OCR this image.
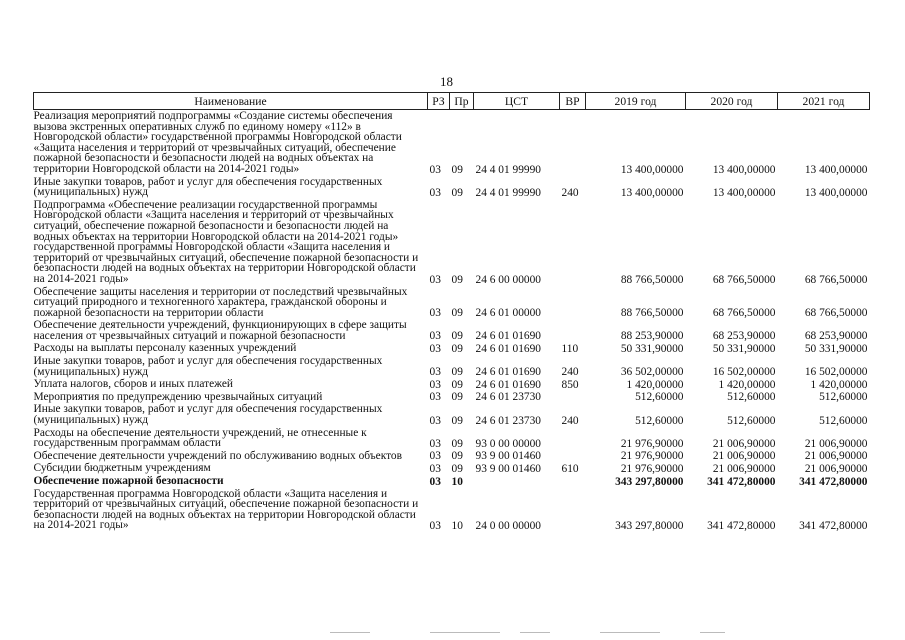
18
Наименование	РЗ	Пр	ЦСТ	ВР	2019 год	2020 год	2021 год
Реализация мероприятий подпрограммы «Создание системы обеспечения вызова экстренных оперативных служб по единому номеру «112» в Новгородской области» государственной программы Новгородской области «Защита населения и территорий от чрезвычайных ситуаций, обеспечение пожарной безопасности и безопасности людей на водных объектах на территории Новгородской области на 2014-2021 годы»	03	09	24 4 01 99990		13 400,00000	13 400,00000	13 400,00000
Иные закупки товаров, работ и услуг для обеспечения государственных (муниципальных) нужд	03	09	24 4 01 99990	240	13 400,00000	13 400,00000	13 400,00000
Подпрограмма «Обеспечение реализации государственной программы Новгородской области «Защита населения и территорий от чрезвычайных ситуаций, обеспечение пожарной безопасности и безопасности людей на водных объектах на территории Новгородской области на 2014-2021 годы» государственной программы Новгородской области «Защита населения и территорий от чрезвычайных ситуаций, обеспечение пожарной безопасности и безопасности людей на водных объектах на территории Новгородской области на 2014-2021 годы»	03	09	24 6 00 00000		88 766,50000	68 766,50000	68 766,50000
Обеспечение защиты населения и территории от последствий чрезвычайных ситуаций природного и техногенного характера, гражданской обороны и пожарной безопасности на территории области	03	09	24 6 01 00000		88 766,50000	68 766,50000	68 766,50000
Обеспечение деятельности учреждений, функционирующих в сфере защиты населения от чрезвычайных ситуаций и пожарной безопасности	03	09	24 6 01 01690		88 253,90000	68 253,90000	68 253,90000
Расходы на выплаты персоналу казенных учреждений	03	09	24 6 01 01690	110	50 331,90000	50 331,90000	50 331,90000
Иные закупки товаров, работ и услуг для обеспечения государственных (муниципальных) нужд	03	09	24 6 01 01690	240	36 502,00000	16 502,00000	16 502,00000
Уплата налогов, сборов и иных платежей	03	09	24 6 01 01690	850	1 420,00000	1 420,00000	1 420,00000
Мероприятия по предупреждению чрезвычайных ситуаций	03	09	24 6 01 23730		512,60000	512,60000	512,60000
Иные закупки товаров, работ и услуг для обеспечения государственных (муниципальных) нужд	03	09	24 6 01 23730	240	512,60000	512,60000	512,60000
Расходы на обеспечение деятельности учреждений, не отнесенные к государственным программам области	03	09	93 0 00 00000		21 976,90000	21 006,90000	21 006,90000
Обеспечение деятельности учреждений по обслуживанию водных объектов	03	09	93 9 00 01460		21 976,90000	21 006,90000	21 006,90000
Субсидии бюджетным учреждениям	03	09	93 9 00 01460	610	21 976,90000	21 006,90000	21 006,90000
Обеспечение пожарной безопасности	03	10			343 297,80000	341 472,80000	341 472,80000
Государственная программа Новгородской области «Защита населения и территорий от чрезвычайных ситуаций, обеспечение пожарной безопасности и безопасности людей на водных объектах на территории Новгородской области на 2014-2021 годы»	03	10	24 0 00 00000		343 297,80000	341 472,80000	341 472,80000
